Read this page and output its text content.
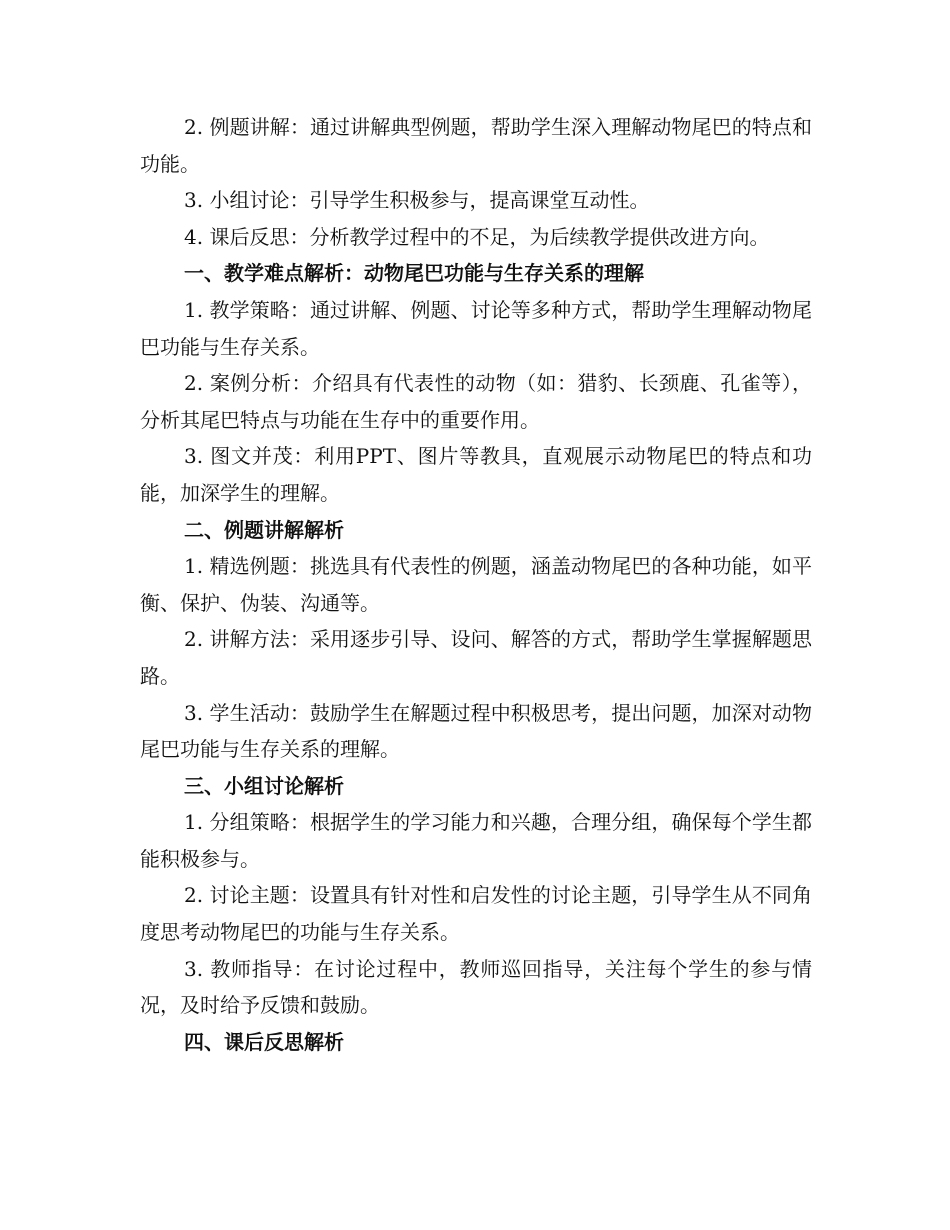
2. 例题讲解：通过讲解典型例题，帮助学生深入理解动物尾巴的特点和功能。

3. 小组讨论：引导学生积极参与，提高课堂互动性。

4. 课后反思：分析教学过程中的不足，为后续教学提供改进方向。

一、教学难点解析：动物尾巴功能与生存关系的理解

1. 教学策略：通过讲解、例题、讨论等多种方式，帮助学生理解动物尾巴功能与生存关系。

2. 案例分析：介绍具有代表性的动物（如：猎豹、长颈鹿、孔雀等），分析其尾巴特点与功能在生存中的重要作用。

3. 图文并茂：利用PPT、图片等教具，直观展示动物尾巴的特点和功能，加深学生的理解。

二、例题讲解解析

1. 精选例题：挑选具有代表性的例题，涵盖动物尾巴的各种功能，如平衡、保护、伪装、沟通等。

2. 讲解方法：采用逐步引导、设问、解答的方式，帮助学生掌握解题思路。

3. 学生活动：鼓励学生在解题过程中积极思考，提出问题，加深对动物尾巴功能与生存关系的理解。

三、小组讨论解析

1. 分组策略：根据学生的学习能力和兴趣，合理分组，确保每个学生都能积极参与。

2. 讨论主题：设置具有针对性和启发性的讨论主题，引导学生从不同角度思考动物尾巴的功能与生存关系。

3. 教师指导：在讨论过程中，教师巡回指导，关注每个学生的参与情况，及时给予反馈和鼓励。

四、课后反思解析
